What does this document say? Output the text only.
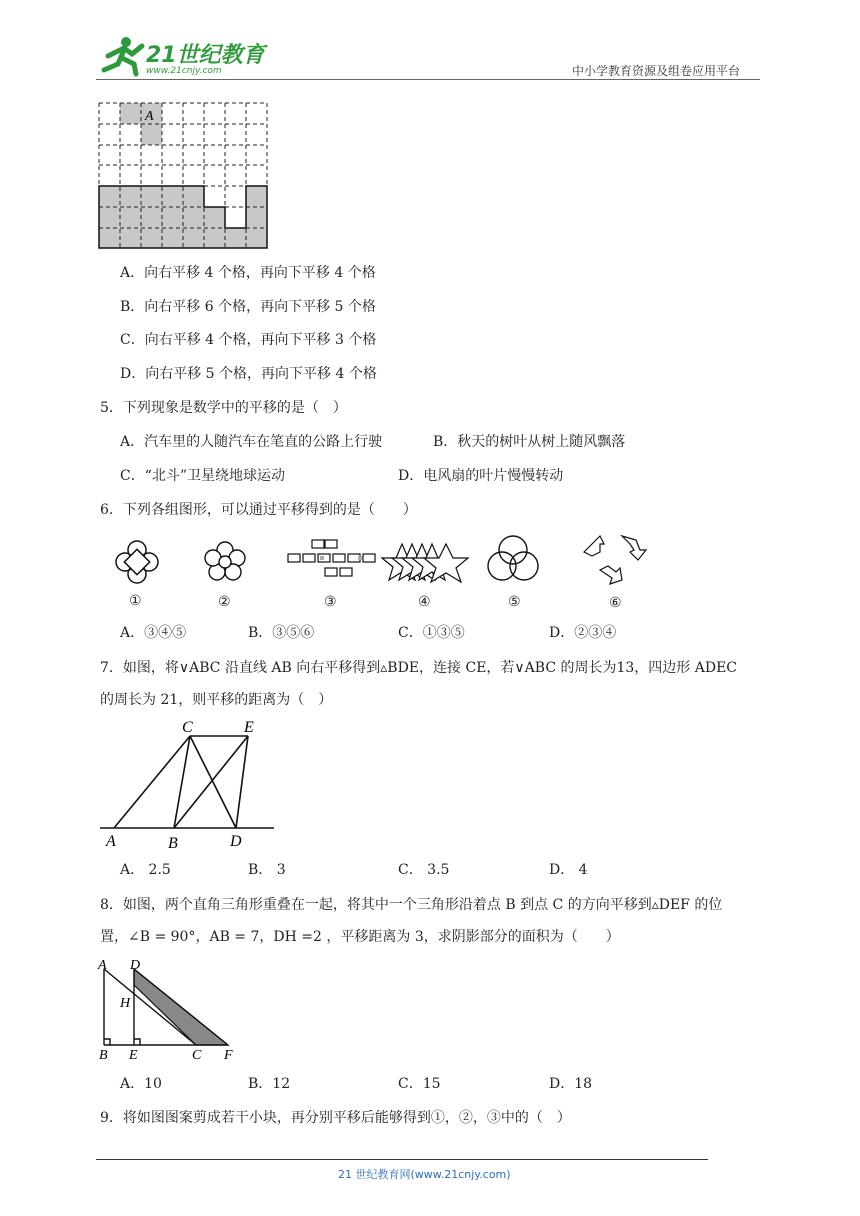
21世纪教育
www.21cnjy.com	中小学教育资源及组卷应用平台
A
A．向右平移 4 个格，再向下平移 4 个格
B．向右平移 6 个格，再向下平移 5 个格
C．向右平移 4 个格，再向下平移 3 个格
D．向右平移 5 个格，再向下平移 4 个格
5．下列现象是数学中的平移的是（　）
A．汽车里的人随汽车在笔直的公路上行驶	B．秋天的树叶从树上随风飘落
C．“北斗”卫星绕地球运动	D．电风扇的叶片慢慢转动
6．下列各组图形，可以通过平移得到的是（　　）
①	②	③	④	⑤	⑥
A．③④⑤	B．③⑤⑥	C．①③⑤	D．②③④
7．如图，将∨ABC 沿直线 AB 向右平移得到▵BDE，连接 CE，若∨ABC 的周长为13，四边形 ADEC
的周长为 21，则平移的距离为（　）
C	E
A	B	D
A． 2.5	B． 3	C． 3.5	D． 4
8．如图，两个直角三角形重叠在一起，将其中一个三角形沿着点 B 到点 C 的方向平移到▵DEF 的位
置，∠B = 90°，AB = 7，DH =2 ，平移距离为 3，求阴影部分的面积为（　　）
A D
H
B E	C F
A．10	B．12	C．15	D．18
9．将如图图案剪成若干小块，再分别平移后能够得到①，②，③中的（　）
21 世纪教育网(www.21cnjy.com)
